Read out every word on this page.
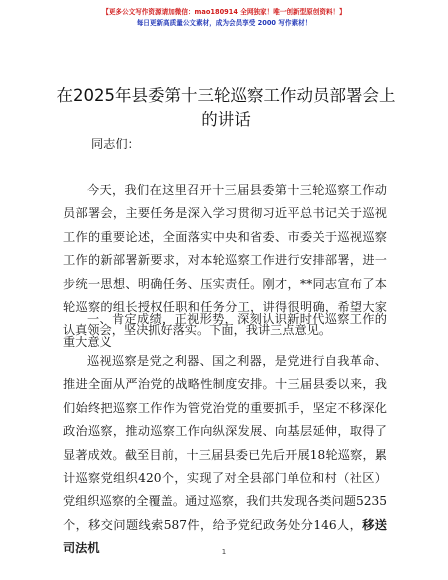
【更多公文写作资源请加微信：mao180914 全网独家！唯一创新型原创资料！】
每日更新高质量公文素材，成为会员享受 2000 写作素材！
在2025年县委第十三轮巡察工作动员部署会上的讲话
同志们：
今天，我们在这里召开十三届县委第十三轮巡察工作动员部署会，主要任务是深入学习贯彻习近平总书记关于巡视工作的重要论述，全面落实中央和省委、市委关于巡视巡察工作的新部署新要求，对本轮巡察工作进行安排部署，进一步统一思想、明确任务、压实责任。刚才，**同志宣布了本轮巡察的组长授权任职和任务分工，讲得很明确，希望大家认真领会，坚决抓好落实。下面，我讲三点意见。
一、肯定成绩，正视形势，深刻认识新时代巡察工作的重大意义
巡视巡察是党之利器、国之利器，是党进行自我革命、推进全面从严治党的战略性制度安排。十三届县委以来，我们始终把巡察工作作为管党治党的重要抓手，坚定不移深化政治巡察，推动巡察工作向纵深发展、向基层延伸，取得了显著成效。截至目前，十三届县委已先后开展18轮巡察，累计巡察党组织420个，实现了对全县部门单位和村（社区）党组织巡察的全覆盖。通过巡察，我们共发现各类问题5235个，移交问题线索587件，给予党纪政务处分146人，移送司法机	1
